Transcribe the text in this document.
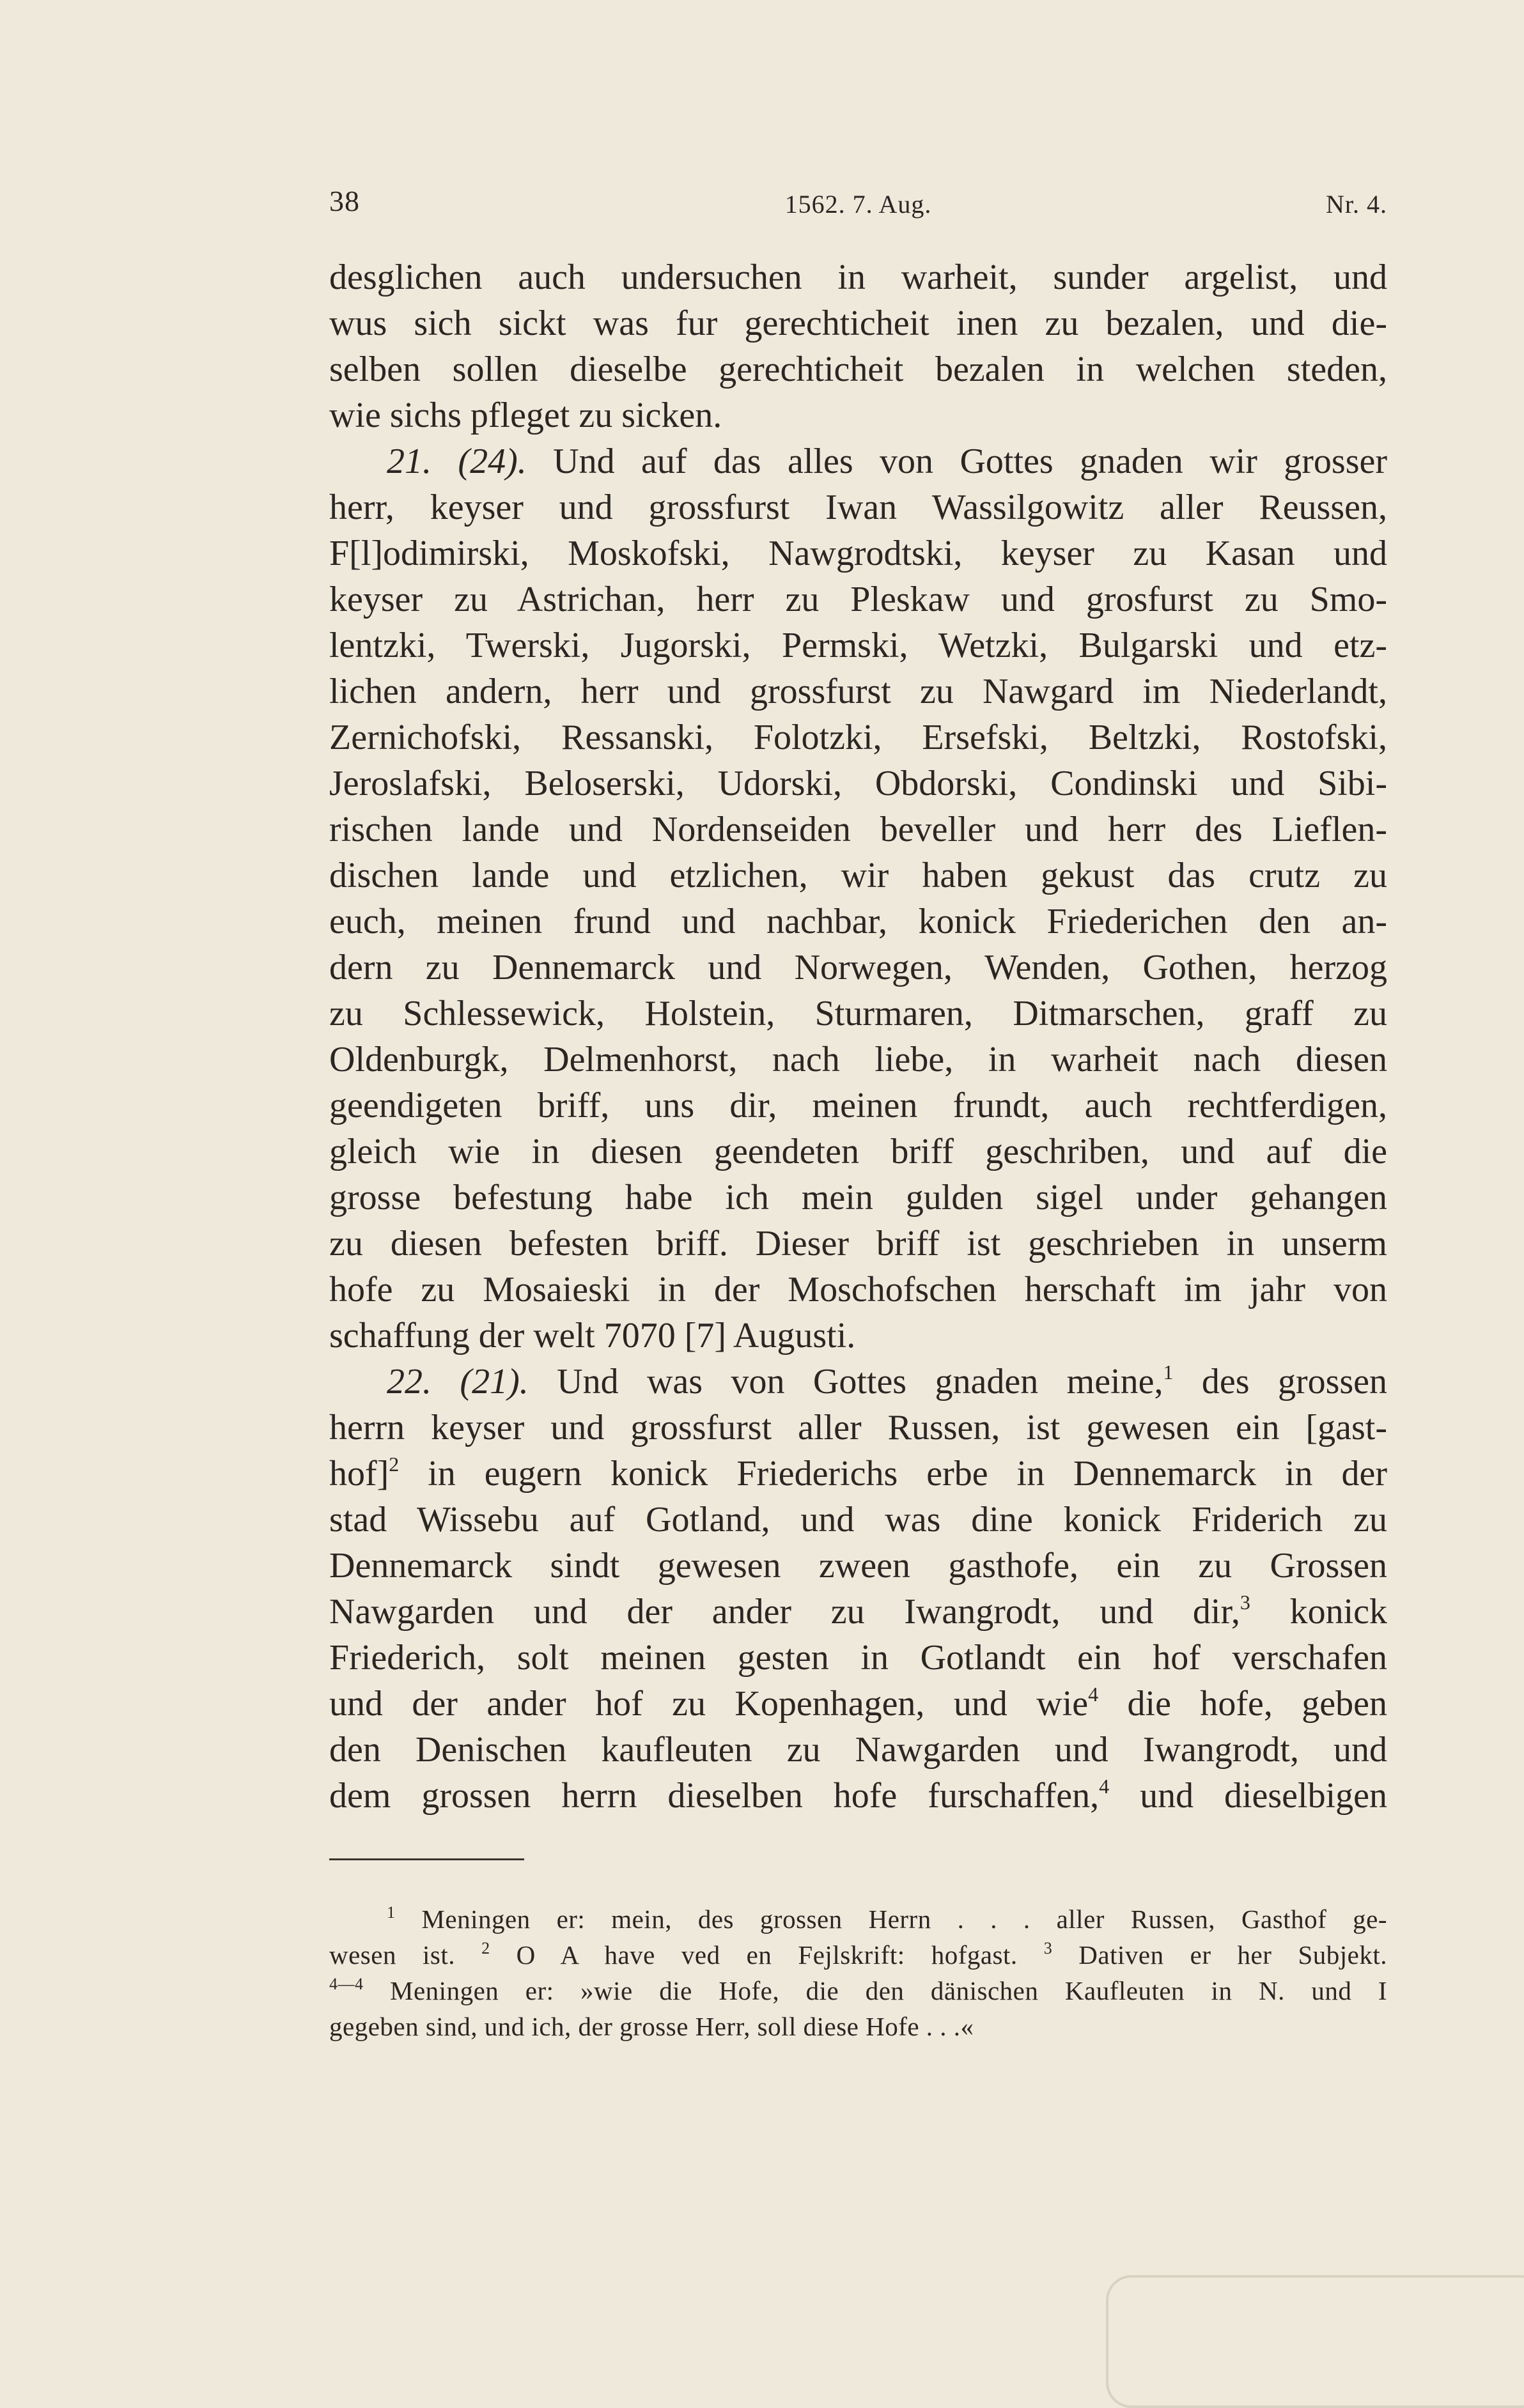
38	1562. 7. Aug.	Nr. 4.
desglichen auch undersuchen in warheit, sunder argelist, und
wus sich sickt was fur gerechticheit inen zu bezalen, und die-
selben sollen dieselbe gerechticheit bezalen in welchen steden,
wie sichs pfleget zu sicken.
21. (24). Und auf das alles von Gottes gnaden wir grosser
herr, keyser und grossfurst Iwan Wassilgowitz aller Reussen,
F[l]odimirski, Moskofski, Nawgrodtski, keyser zu Kasan und
keyser zu Astrichan, herr zu Pleskaw und grosfurst zu Smo-
lentzki, Twerski, Jugorski, Permski, Wetzki, Bulgarski und etz-
lichen andern, herr und grossfurst zu Nawgard im Niederlandt,
Zernichofski, Ressanski, Folotzki, Ersefski, Beltzki, Rostofski,
Jeroslafski, Beloserski, Udorski, Obdorski, Condinski und Sibi-
rischen lande und Nordenseiden beveller und herr des Lieflen-
dischen lande und etzlichen, wir haben gekust das crutz zu
euch, meinen frund und nachbar, konick Friederichen den an-
dern zu Dennemarck und Norwegen, Wenden, Gothen, herzog
zu Schlessewick, Holstein, Sturmaren, Ditmarschen, graff zu
Oldenburgk, Delmenhorst, nach liebe, in warheit nach diesen
geendigeten briff, uns dir, meinen frundt, auch rechtferdigen,
gleich wie in diesen geendeten briff geschriben, und auf die
grosse befestung habe ich mein gulden sigel under gehangen
zu diesen befesten briff. Dieser briff ist geschrieben in unserm
hofe zu Mosaieski in der Moschofschen herschaft im jahr von
schaffung der welt 7070 [7] Augusti.
22. (21). Und was von Gottes gnaden meine,$^1$ des grossen
herrn keyser und grossfurst aller Russen, ist gewesen ein [gast-
hof]$^2$ in eugern konick Friederichs erbe in Dennemarck in der
stad Wissebu auf Gotland, und was dine konick Friderich zu
Dennemarck sindt gewesen zween gasthofe, ein zu Grossen
Nawgarden und der ander zu Iwangrodt, und dir,$^3$ konick
Friederich, solt meinen gesten in Gotlandt ein hof verschafen
und der ander hof zu Kopenhagen, und wie$^4$ die hofe, geben
den Denischen kaufleuten zu Nawgarden und Iwangrodt, und
dem grossen herrn dieselben hofe furschaffen,$^4$ und dieselbigen
$^1$ Meningen er: mein, des grossen Herrn . . . aller Russen, Gasthof ge-
wesen ist. $^2$ O A have ved en Fejlskrift: hofgast. $^3$ Dativen er her Subjekt.
$^{4—4}$ Meningen er: »wie die Hofe, die den dänischen Kaufleuten in N. und I
gegeben sind, und ich, der grosse Herr, soll diese Hofe . . .«
